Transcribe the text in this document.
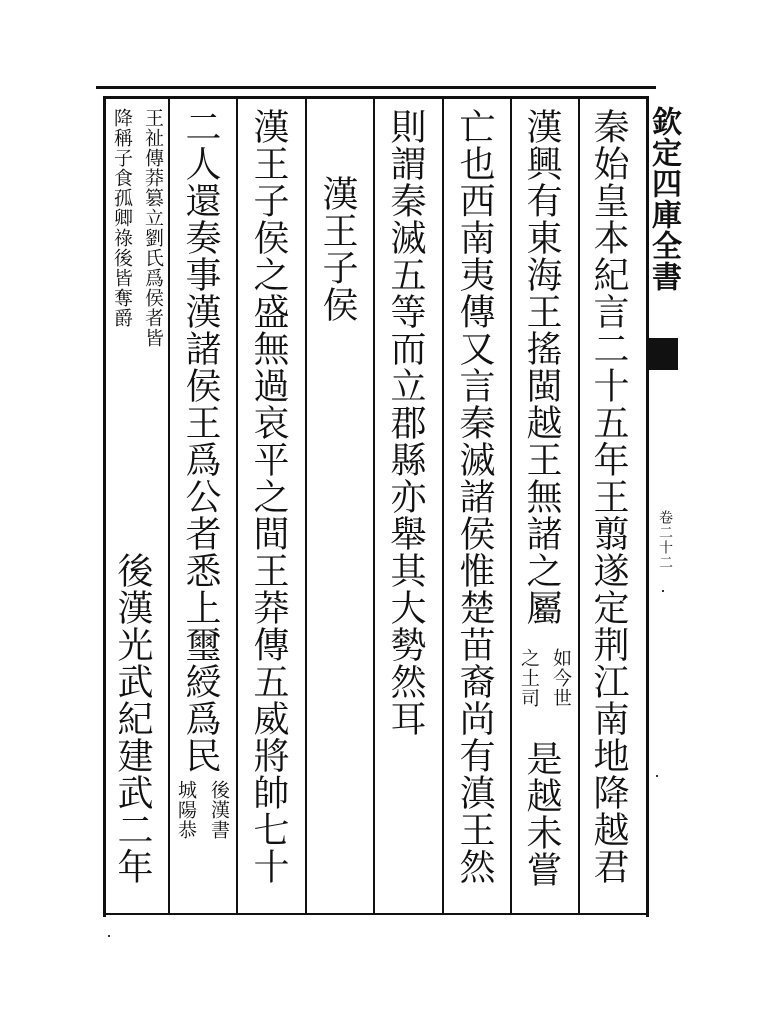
欽定四庫全書
卷二十二
秦始皇本紀言二十五年王翦遂定荆江南地降越君
漢興有東海王搖閩越王無諸之屬
如今世
之土司
是越未嘗
亡也西南夷傳又言秦滅諸侯惟楚苗裔尚有滇王然
則謂秦滅五等而立郡縣亦舉其大勢然耳
漢王子侯
漢王子侯之盛無過哀平之間王莽傳五威將帥七十
二人還奏事漢諸侯王爲公者悉上璽綬爲民
後漢書
城陽恭
王祉傳莽篡立劉氏爲侯者皆
降稱子食孤卿祿後皆奪爵
後漢光武紀建武二年
